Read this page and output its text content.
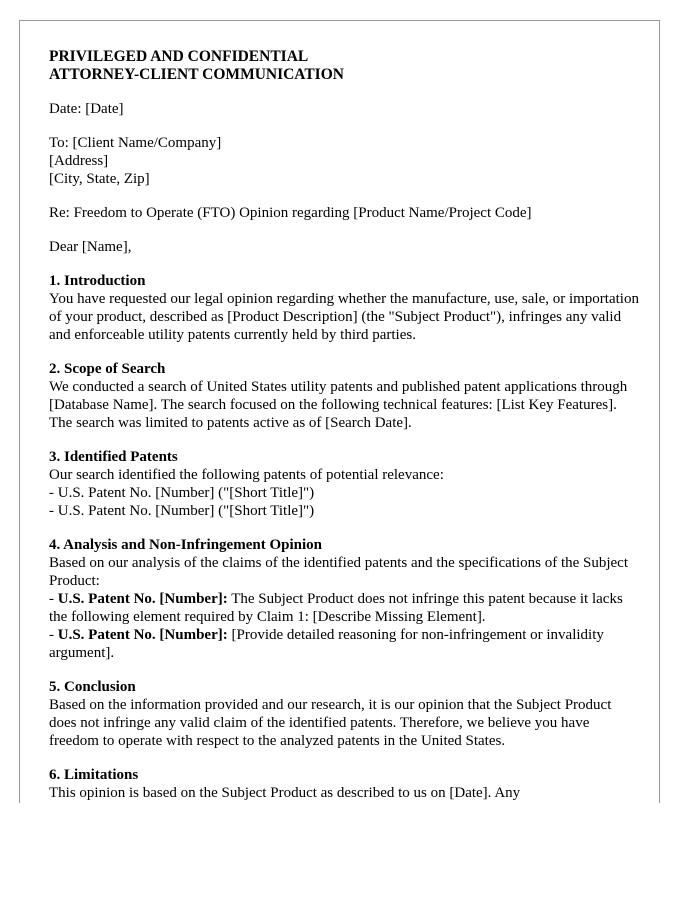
PRIVILEGED AND CONFIDENTIAL
ATTORNEY-CLIENT COMMUNICATION
Date: [Date]
To: [Client Name/Company]
[Address]
[City, State, Zip]
Re: Freedom to Operate (FTO) Opinion regarding [Product Name/Project Code]
Dear [Name],
1. Introduction
You have requested our legal opinion regarding whether the manufacture, use, sale, or importation of your product, described as [Product Description] (the "Subject Product"), infringes any valid and enforceable utility patents currently held by third parties.
2. Scope of Search
We conducted a search of United States utility patents and published patent applications through [Database Name]. The search focused on the following technical features: [List Key Features]. The search was limited to patents active as of [Search Date].
3. Identified Patents
Our search identified the following patents of potential relevance:
- U.S. Patent No. [Number] ("[Short Title]")
- U.S. Patent No. [Number] ("[Short Title]")
4. Analysis and Non-Infringement Opinion
Based on our analysis of the claims of the identified patents and the specifications of the Subject Product:
- U.S. Patent No. [Number]: The Subject Product does not infringe this patent because it lacks the following element required by Claim 1: [Describe Missing Element].
- U.S. Patent No. [Number]: [Provide detailed reasoning for non-infringement or invalidity argument].
5. Conclusion
Based on the information provided and our research, it is our opinion that the Subject Product does not infringe any valid claim of the identified patents. Therefore, we believe you have freedom to operate with respect to the analyzed patents in the United States.
6. Limitations
This opinion is based on the Subject Product as described to us on [Date]. Any
